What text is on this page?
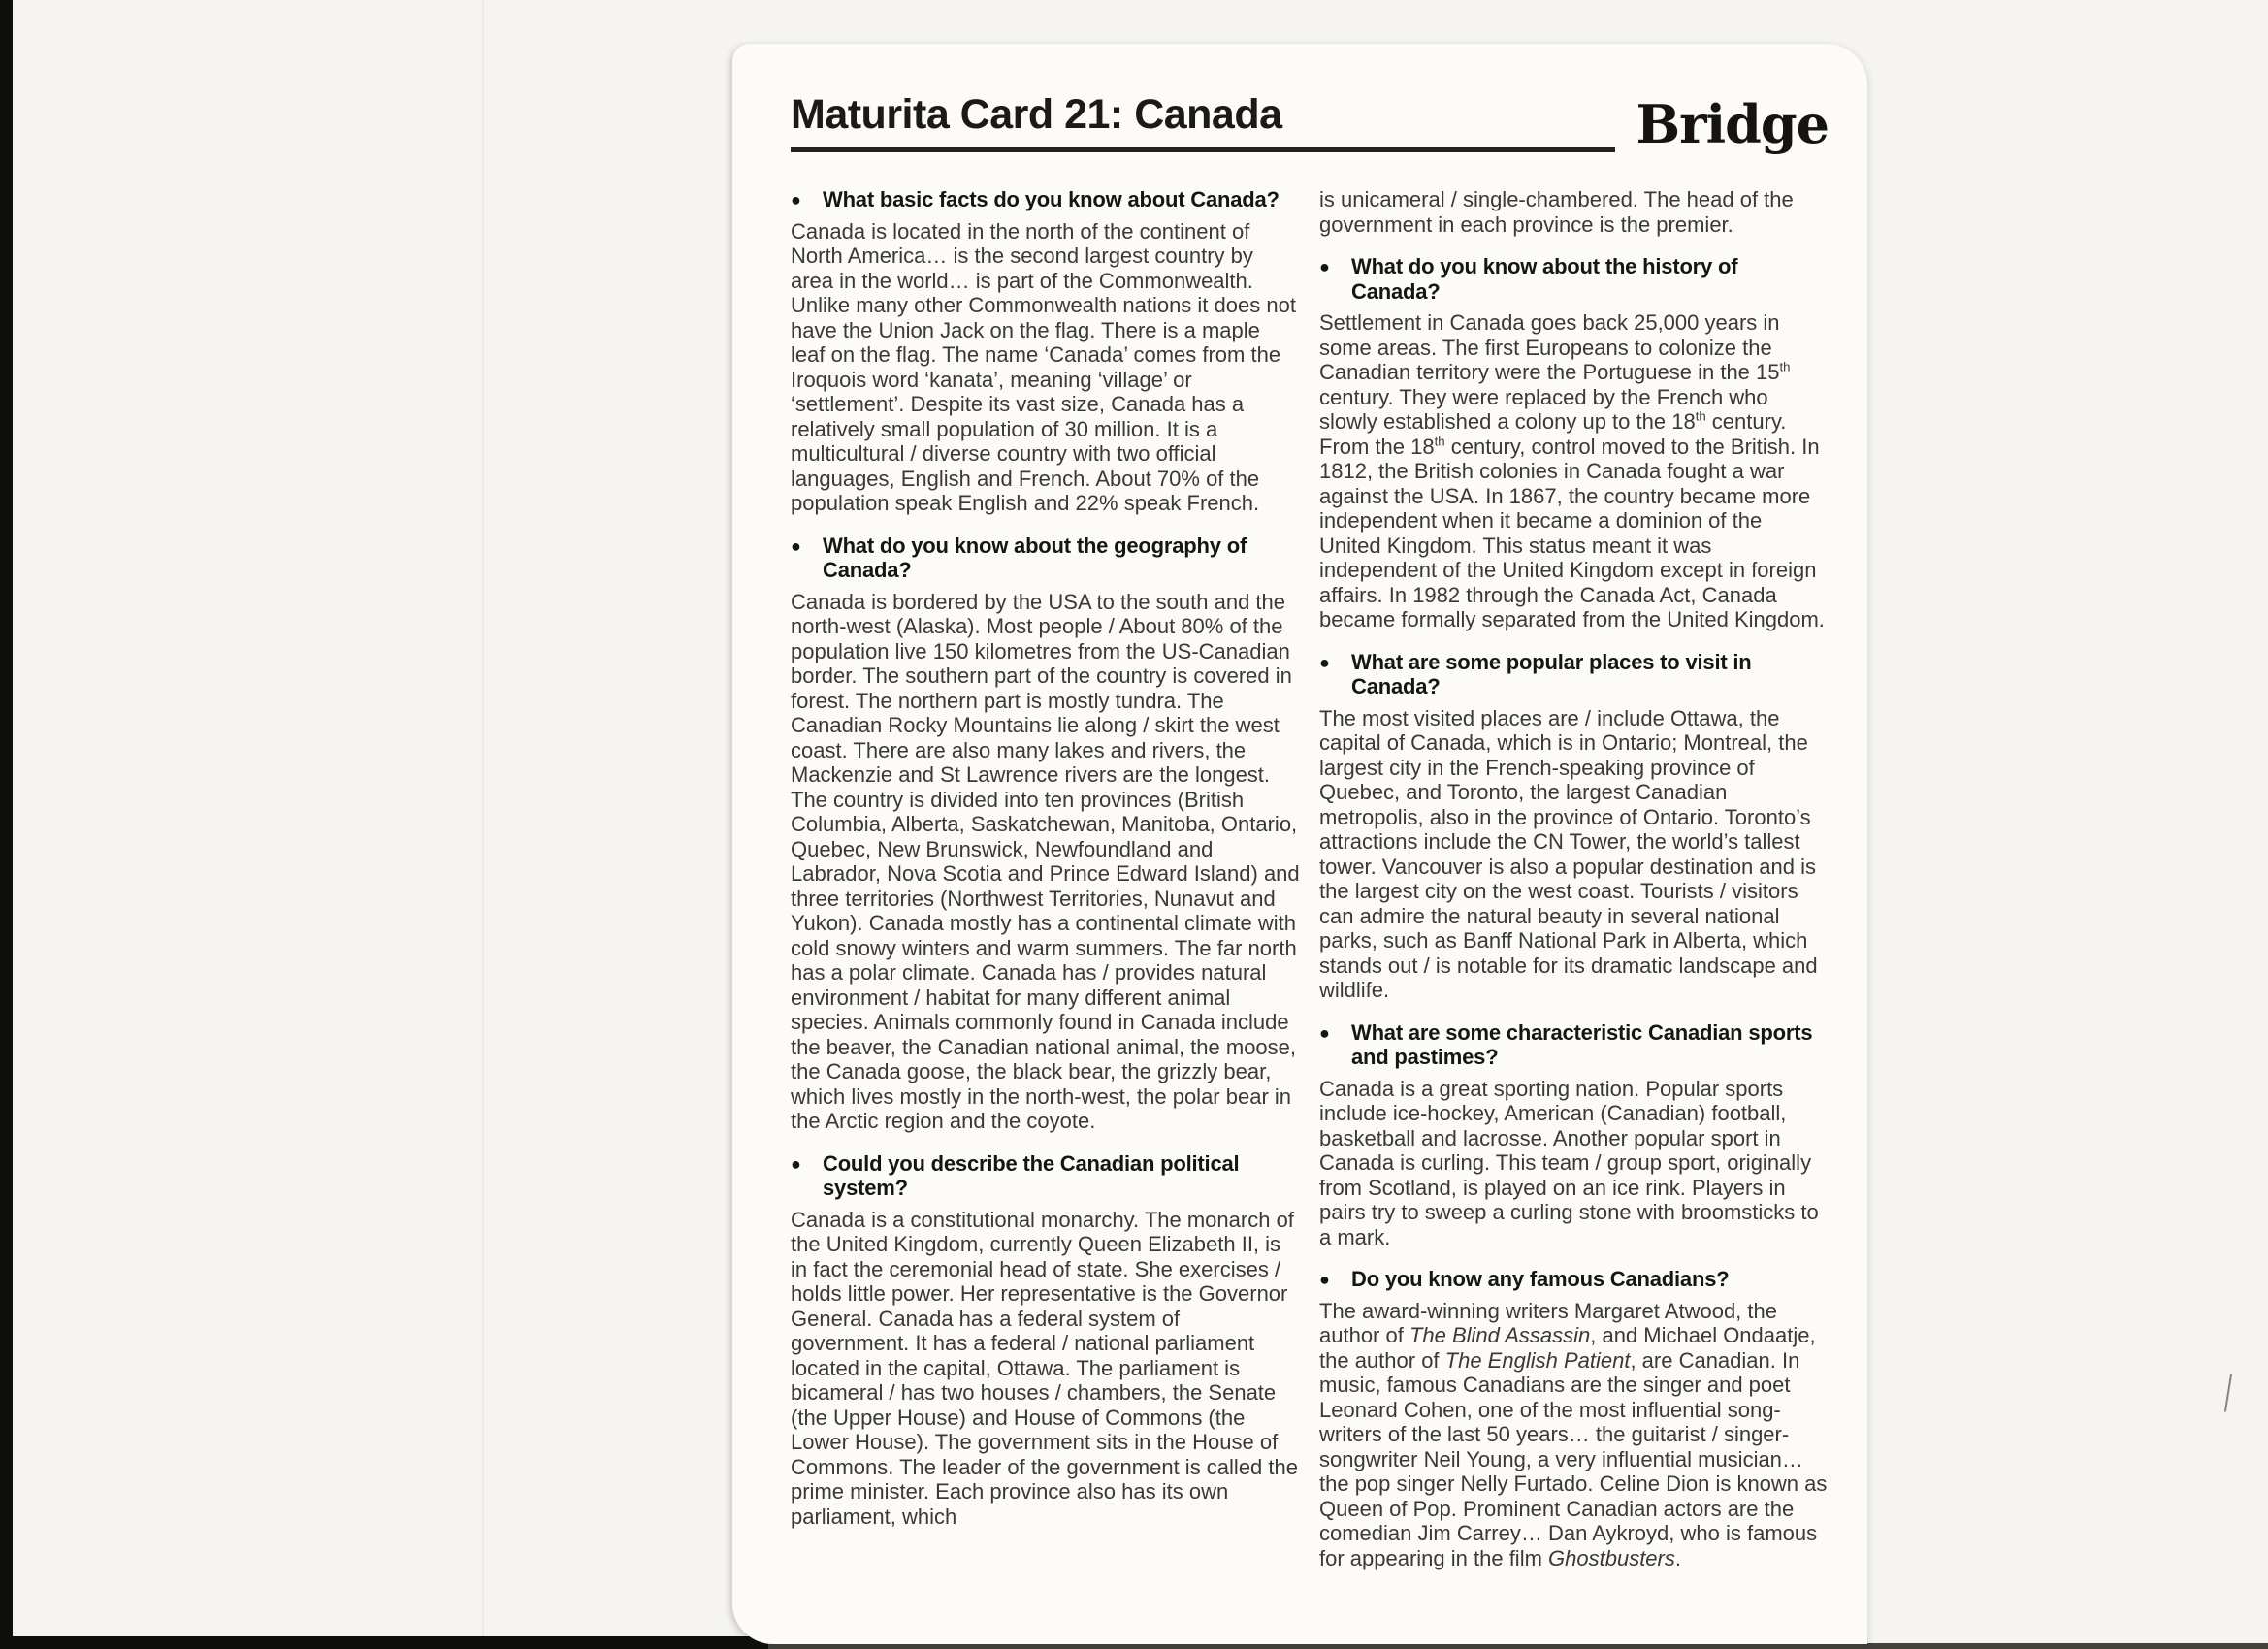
Maturita Card 21: Canada	Bridge
● What basic facts do you know about Canada?

Canada is located in the north of the continent of North America… is the second largest country by area in the world… is part of the Commonwealth. Unlike many other Commonwealth nations it does not have the Union Jack on the flag. There is a maple leaf on the flag. The name ‘Canada’ comes from the Iroquois word ‘kanata’, meaning ‘village’ or ‘settlement’. Despite its vast size, Canada has a relatively small population of 30 million. It is a multicultural / diverse country with two official languages, English and French. About 70% of the population speak English and 22% speak French.

● What do you know about the geography of Canada?

Canada is bordered by the USA to the south and the north-west (Alaska). Most people / About 80% of the population live 150 kilometres from the US-Canadian border. The southern part of the country is covered in forest. The northern part is mostly tundra. The Canadian Rocky Mountains lie along / skirt the west coast. There are also many lakes and rivers, the Mackenzie and St Lawrence rivers are the longest. The country is divided into ten provinces (British Columbia, Alberta, Saskatchewan, Manitoba, Ontario, Quebec, New Brunswick, Newfoundland and Labrador, Nova Scotia and Prince Edward Island) and three territories (Northwest Territories, Nunavut and Yukon). Canada mostly has a continental climate with cold snowy winters and warm summers. The far north has a polar climate. Canada has / provides natural environment / habitat for many different animal species. Animals commonly found in Canada include the beaver, the Canadian national animal, the moose, the Canada goose, the black bear, the grizzly bear, which lives mostly in the north-west, the polar bear in the Arctic region and the coyote.

● Could you describe the Canadian political system?

Canada is a constitutional monarchy. The monarch of the United Kingdom, currently Queen Elizabeth II, is in fact the ceremonial head of state. She exercises / holds little power. Her representative is the Governor General. Canada has a federal system of government. It has a federal / national parliament located in the capital, Ottawa. The parliament is bicameral / has two houses / chambers, the Senate (the Upper House) and House of Commons (the Lower House). The government sits in the House of Commons. The leader of the government is called the prime minister. Each province also has its own parliament, which

is unicameral / single-chambered. The head of the government in each province is the premier.

● What do you know about the history of Canada?

Settlement in Canada goes back 25,000 years in some areas. The first Europeans to colonize the Canadian territory were the Portuguese in the 15th century. They were replaced by the French who slowly established a colony up to the 18th century. From the 18th century, control moved to the British. In 1812, the British colonies in Canada fought a war against the USA. In 1867, the country became more independent when it became a dominion of the United Kingdom. This status meant it was independent of the United Kingdom except in foreign affairs. In 1982 through the Canada Act, Canada became formally separated from the United Kingdom.

● What are some popular places to visit in Canada?

The most visited places are / include Ottawa, the capital of Canada, which is in Ontario; Montreal, the largest city in the French-speaking province of Quebec, and Toronto, the largest Canadian metropolis, also in the province of Ontario. Toronto’s attractions include the CN Tower, the world’s tallest tower. Vancouver is also a popular destination and is the largest city on the west coast. Tourists / visitors can admire the natural beauty in several national parks, such as Banff National Park in Alberta, which stands out / is notable for its dramatic landscape and wildlife.

● What are some characteristic Canadian sports and pastimes?

Canada is a great sporting nation. Popular sports include ice-hockey, American (Canadian) football, basketball and lacrosse. Another popular sport in Canada is curling. This team / group sport, originally from Scotland, is played on an ice rink. Players in pairs try to sweep a curling stone with broomsticks to a mark.

● Do you know any famous Canadians?

The award-winning writers Margaret Atwood, the author of The Blind Assassin, and Michael Ondaatje, the author of The English Patient, are Canadian. In music, famous Canadians are the singer and poet Leonard Cohen, one of the most influential song-writers of the last 50 years… the guitarist / singer-songwriter Neil Young, a very influential musician… the pop singer Nelly Furtado. Celine Dion is known as Queen of Pop. Prominent Canadian actors are the comedian Jim Carrey… Dan Aykroyd, who is famous for appearing in the film Ghostbusters.
